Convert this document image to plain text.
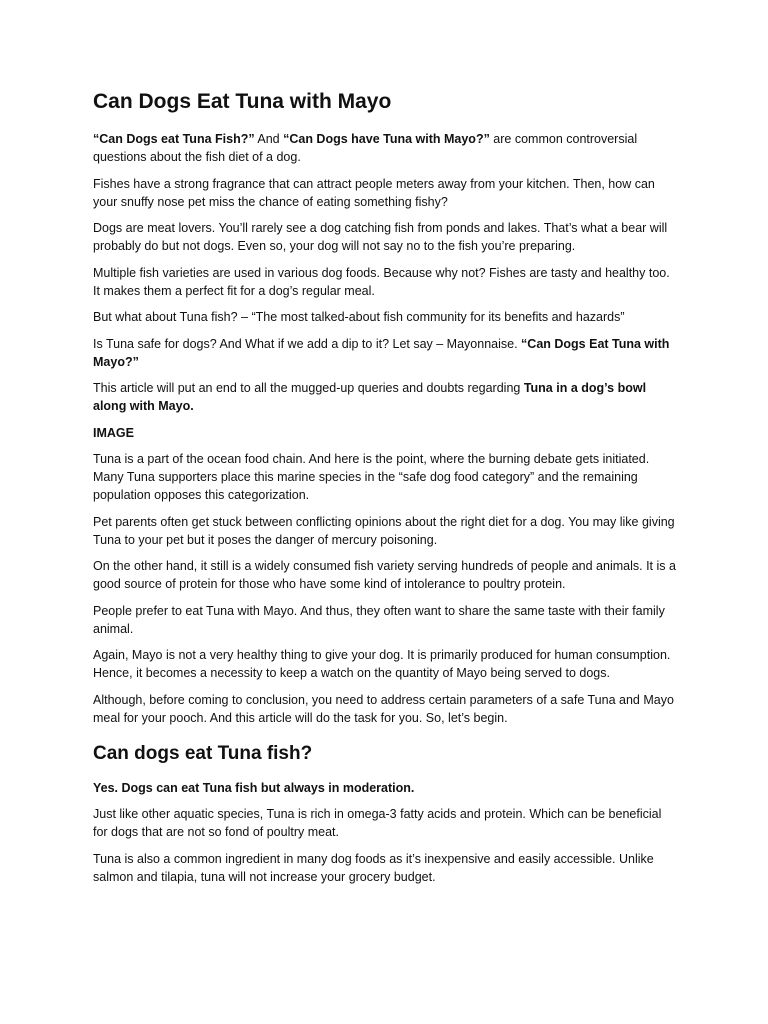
Can Dogs Eat Tuna with Mayo

“Can Dogs eat Tuna Fish?” And “Can Dogs have Tuna with Mayo?” are common controversial questions about the fish diet of a dog.

Fishes have a strong fragrance that can attract people meters away from your kitchen. Then, how can your snuffy nose pet miss the chance of eating something fishy?

Dogs are meat lovers. You’ll rarely see a dog catching fish from ponds and lakes. That’s what a bear will probably do but not dogs. Even so, your dog will not say no to the fish you’re preparing.

Multiple fish varieties are used in various dog foods. Because why not? Fishes are tasty and healthy too. It makes them a perfect fit for a dog’s regular meal.

But what about Tuna fish? – “The most talked-about fish community for its benefits and hazards”

Is Tuna safe for dogs? And What if we add a dip to it? Let say – Mayonnaise. “Can Dogs Eat Tuna with Mayo?”

This article will put an end to all the mugged-up queries and doubts regarding Tuna in a dog’s bowl along with Mayo.

IMAGE

Tuna is a part of the ocean food chain. And here is the point, where the burning debate gets initiated. Many Tuna supporters place this marine species in the “safe dog food category” and the remaining population opposes this categorization.

Pet parents often get stuck between conflicting opinions about the right diet for a dog. You may like giving Tuna to your pet but it poses the danger of mercury poisoning.

On the other hand, it still is a widely consumed fish variety serving hundreds of people and animals. It is a good source of protein for those who have some kind of intolerance to poultry protein.

People prefer to eat Tuna with Mayo. And thus, they often want to share the same taste with their family animal.

Again, Mayo is not a very healthy thing to give your dog. It is primarily produced for human consumption. Hence, it becomes a necessity to keep a watch on the quantity of Mayo being served to dogs.

Although, before coming to conclusion, you need to address certain parameters of a safe Tuna and Mayo meal for your pooch. And this article will do the task for you. So, let’s begin.

Can dogs eat Tuna fish?

Yes. Dogs can eat Tuna fish but always in moderation.

Just like other aquatic species, Tuna is rich in omega-3 fatty acids and protein. Which can be beneficial for dogs that are not so fond of poultry meat.

Tuna is also a common ingredient in many dog foods as it’s inexpensive and easily accessible. Unlike salmon and tilapia, tuna will not increase your grocery budget.
